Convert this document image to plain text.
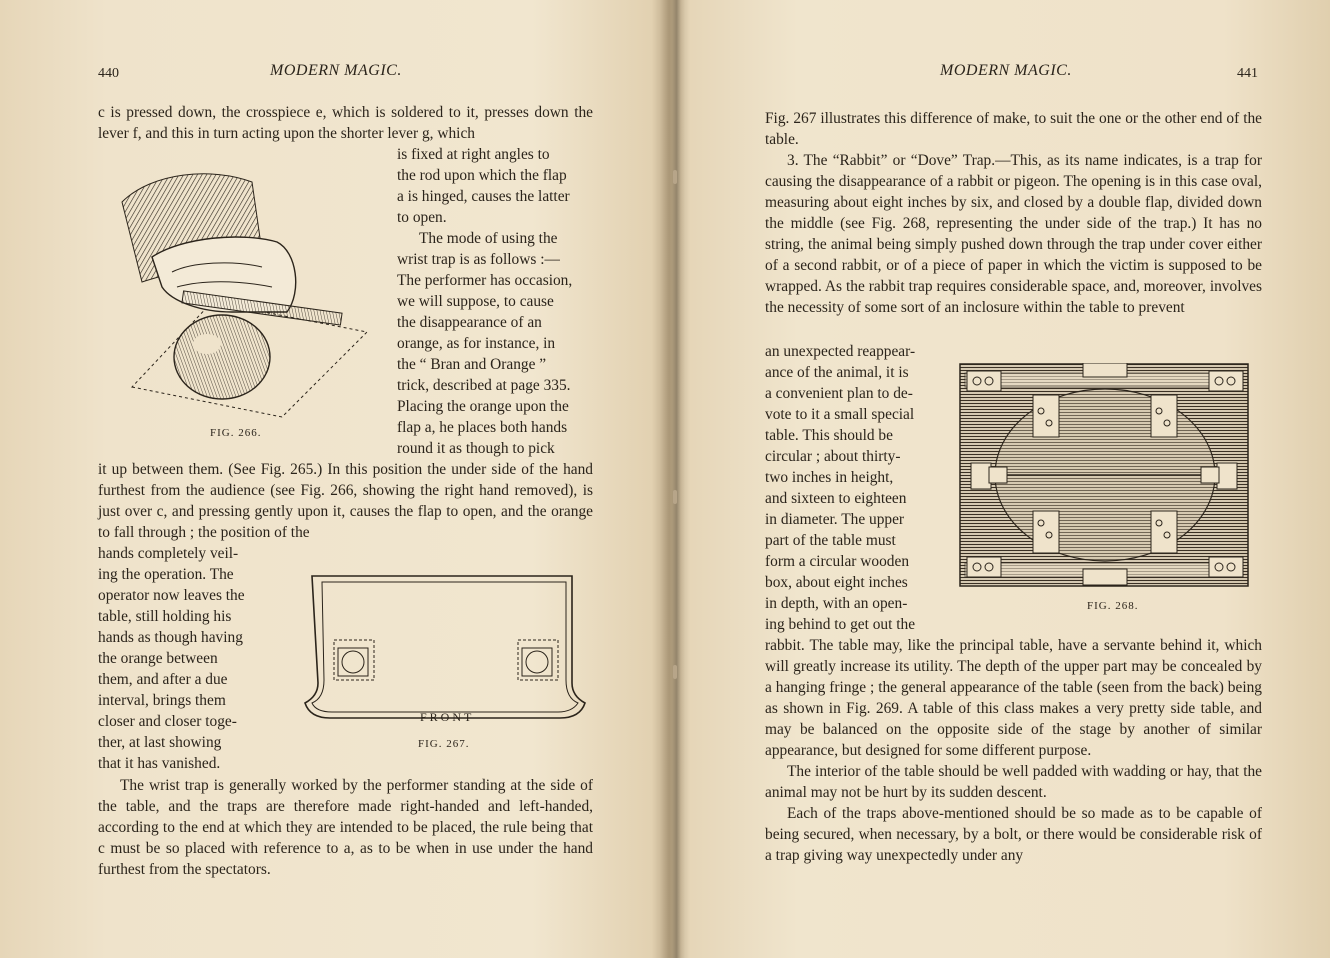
440	MODERN MAGIC.

c is pressed down, the crosspiece e, which is soldered to it, presses down the lever f, and this in turn acting upon the shorter lever g, which

is fixed at right angles to

the rod upon which the flap

a is hinged, causes the latter

to open.

The mode of using the

wrist trap is as follows :—

The performer has occasion,

we will suppose, to cause

the disappearance of an

orange, as for instance, in

the “ Bran and Orange ”

trick, described at page 335.

Placing the orange upon the

flap a, he places both hands

round it as though to pick

FIG. 266.

it up between them. (See Fig. 265.) In this position the under side of the hand furthest from the audience (see Fig. 266, showing the right hand removed), is just over c, and pressing gently upon it, causes the flap to open, and the orange to fall through ; the position of the

hands completely veil-

ing the operation. The

operator now leaves the

table, still holding his

hands as though having

the orange between

them, and after a due

interval, brings them

closer and closer toge-

ther, at last showing

that it has vanished.

FRONT
FIG. 267.

The wrist trap is generally worked by the performer standing at the side of the table, and the traps are therefore made right-handed and left-handed, according to the end at which they are intended to be placed, the rule being that c must be so placed with reference to a, as to be when in use under the hand furthest from the spectators.

MODERN MAGIC.	441

Fig. 267 illustrates this difference of make, to suit the one or the other end of the table.

3. The “Rabbit” or “Dove” Trap.—This, as its name indicates, is a trap for causing the disappearance of a rabbit or pigeon. The opening is in this case oval, measuring about eight inches by six, and closed by a double flap, divided down the middle (see Fig. 268, representing the under side of the trap.) It has no string, the animal being simply pushed down through the trap under cover either of a second rabbit, or of a piece of paper in which the victim is supposed to be wrapped. As the rabbit trap requires considerable space, and, moreover, involves the necessity of some sort of an inclosure within the table to prevent

an unexpected reappear-

ance of the animal, it is

a convenient plan to de-

vote to it a small special

table. This should be

circular ; about thirty-

two inches in height,

and sixteen to eighteen

in diameter. The upper

part of the table must

form a circular wooden

box, about eight inches

in depth, with an open-

ing behind to get out the

FIG. 268.

rabbit. The table may, like the principal table, have a servante behind it, which will greatly increase its utility. The depth of the upper part may be concealed by a hanging fringe ; the general appearance of the table (seen from the back) being as shown in Fig. 269. A table of this class makes a very pretty side table, and may be balanced on the opposite side of the stage by another of similar appearance, but designed for some different purpose.

The interior of the table should be well padded with wadding or hay, that the animal may not be hurt by its sudden descent.

Each of the traps above-mentioned should be so made as to be capable of being secured, when necessary, by a bolt, or there would be considerable risk of a trap giving way unexpectedly under any
